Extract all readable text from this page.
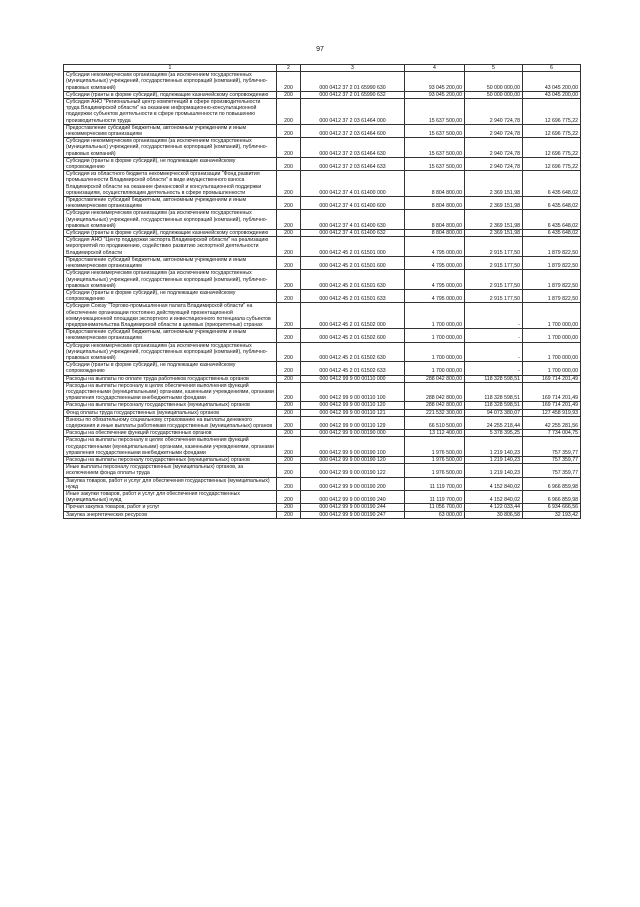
97
1	2	3	4	5	6
Субсидии некоммерческим организациям (за исключением государственных (муниципальных) учреждений, государственных корпораций (компаний), публично-правовых компаний)	200	000 0412 37 2 01 65990 630	93 045 200,00	50 000 000,00	43 045 200,00
Субсидии (гранты в форме субсидий), подлежащие казначейскому сопровождению	200	000 0412 37 2 01 65990 632	93 045 200,00	50 000 000,00	43 045 200,00
Субсидия АНО "Региональный центр компетенций в сфере производительности труда Владимирской области" на оказание информационно-консультационной поддержки субъектов деятельности в сфере промышленности по повышению производительности труда	200	000 0412 37 2 03 61464 000	15 637 500,00	2 940 724,78	12 696 775,22
Предоставление субсидий бюджетным, автономным учреждениям и иным некоммерческим организациям	200	000 0412 37 2 03 61464 600	15 637 500,00	2 940 724,78	12 696 775,22
Субсидии некоммерческим организациям (за исключением государственных (муниципальных) учреждений, государственных корпораций (компаний), публично-правовых компаний)	200	000 0412 37 2 03 61464 630	15 637 500,00	2 940 724,78	12 696 775,22
Субсидии (гранты в форме субсидий), не подлежащие казначейскому сопровождению	200	000 0412 37 2 03 61464 633	15 637 500,00	2 940 724,78	12 696 775,22
Субсидия из областного бюджета некоммерческой организации "Фонд развития промышленности Владимирской области" в виде имущественного взноса Владимирской области на оказание финансовой и консультационной поддержки организациям, осуществляющим деятельность в сфере промышленности	200	000 0412 37 4 01 61400 000	8 804 800,00	2 369 151,98	6 435 648,02
Предоставление субсидий бюджетным, автономным учреждениям и иным некоммерческим организациям	200	000 0412 37 4 01 61400 600	8 804 800,00	2 369 151,98	6 435 648,02
Субсидии некоммерческим организациям (за исключением государственных (муниципальных) учреждений, государственных корпораций (компаний), публично-правовых компаний)	200	000 0412 37 4 01 61400 630	8 804 800,00	2 369 151,98	6 435 648,02
Субсидии (гранты в форме субсидий), подлежащие казначейскому сопровождению	200	000 0412 37 4 01 61400 632	8 804 800,00	2 369 151,98	6 435 648,02
Субсидия АНО "Центр поддержки экспорта Владимирской области" на реализацию мероприятий по продвижению, содействию развитию экспортной деятельности Владимирской области	200	000 0412 45 2 01 61501 000	4 795 000,00	2 915 177,50	1 879 822,50
Предоставление субсидий бюджетным, автономным учреждениям и иным некоммерческим организациям	200	000 0412 45 2 01 61501 600	4 795 000,00	2 915 177,50	1 879 822,50
Субсидии некоммерческим организациям (за исключением государственных (муниципальных) учреждений, государственных корпораций (компаний), публично-правовых компаний)	200	000 0412 45 2 01 61501 630	4 795 000,00	2 915 177,50	1 879 822,50
Субсидии (гранты в форме субсидий), не подлежащие казначейскому сопровождению	200	000 0412 45 2 01 61501 633	4 795 000,00	2 915 177,50	1 879 822,50
Субсидия Союзу "Торгово-промышленная палата Владимирской области" на обеспечение организации постоянно действующей презентационной коммуникационной площадки экспортного и инвестиционного потенциала субъектов предпринимательства Владимирской области в целевых (приоритетных) странах	200	000 0412 45 2 01 61502 000	1 700 000,00	-	1 700 000,00
Предоставление субсидий бюджетным, автономным учреждениям и иным некоммерческим организациям	200	000 0412 45 2 01 61502 600	1 700 000,00	-	1 700 000,00
Субсидии некоммерческим организациям (за исключением государственных (муниципальных) учреждений, государственных корпораций (компаний), публично-правовых компаний)	200	000 0412 45 2 01 61502 630	1 700 000,00	-	1 700 000,00
Субсидии (гранты в форме субсидий), не подлежащие казначейскому сопровождению	200	000 0412 45 2 01 61502 633	1 700 000,00	-	1 700 000,00
Расходы на выплаты по оплате труда работников государственных органов	200	000 0412 99 9 00 00110 000	288 042 800,00	118 328 598,51	169 714 201,49
Расходы на выплаты персоналу в целях обеспечения выполнения функций государственными (муниципальными) органами, казенными учреждениями, органами управления государственными внебюджетными фондами	200	000 0412 99 9 00 00110 100	288 042 800,00	118 328 598,51	169 714 201,49
Расходы на выплаты персоналу государственных (муниципальных) органов	200	000 0412 99 9 00 00110 120	288 042 800,00	118 328 598,51	169 714 201,49
Фонд оплаты труда государственных (муниципальных) органов	200	000 0412 99 9 00 00110 121	221 532 300,00	94 073 380,07	127 458 919,93
Взносы по обязательному социальному страхованию на выплаты денежного содержания и иные выплаты работникам государственных (муниципальных) органов	200	000 0412 99 9 00 00110 129	66 510 500,00	24 255 218,44	42 255 281,56
Расходы на обеспечение функций государственных органов	200	000 0412 99 9 00 00190 000	13 112 400,00	5 378 395,25	7 734 004,75
Расходы на выплаты персоналу в целях обеспечения выполнения функций государственными (муниципальными) органами, казенными учреждениями, органами управления государственными внебюджетными фондами	200	000 0412 99 9 00 00190 100	1 976 500,00	1 219 140,23	757 359,77
Расходы на выплаты персоналу государственных (муниципальных) органов	200	000 0412 99 9 00 00190 120	1 976 500,00	1 219 140,23	757 359,77
Иные выплаты персоналу государственных (муниципальных) органов, за исключением фонда оплаты труда	200	000 0412 99 9 00 00190 122	1 976 500,00	1 219 140,23	757 359,77
Закупка товаров, работ и услуг для обеспечения государственных (муниципальных) нужд	200	000 0412 99 9 00 00190 200	11 119 700,00	4 152 840,02	6 966 859,98
Иные закупки товаров, работ и услуг для обеспечения государственных (муниципальных) нужд	200	000 0412 99 9 00 00190 240	11 119 700,00	4 152 840,02	6 966 859,98
Прочая закупка товаров, работ и услуг	200	000 0412 99 9 00 00190 244	11 056 700,00	4 122 033,44	6 934 666,56
Закупка энергетических ресурсов	200	000 0412 99 9 00 00190 247	63 000,00	30 806,58	32 193,42
